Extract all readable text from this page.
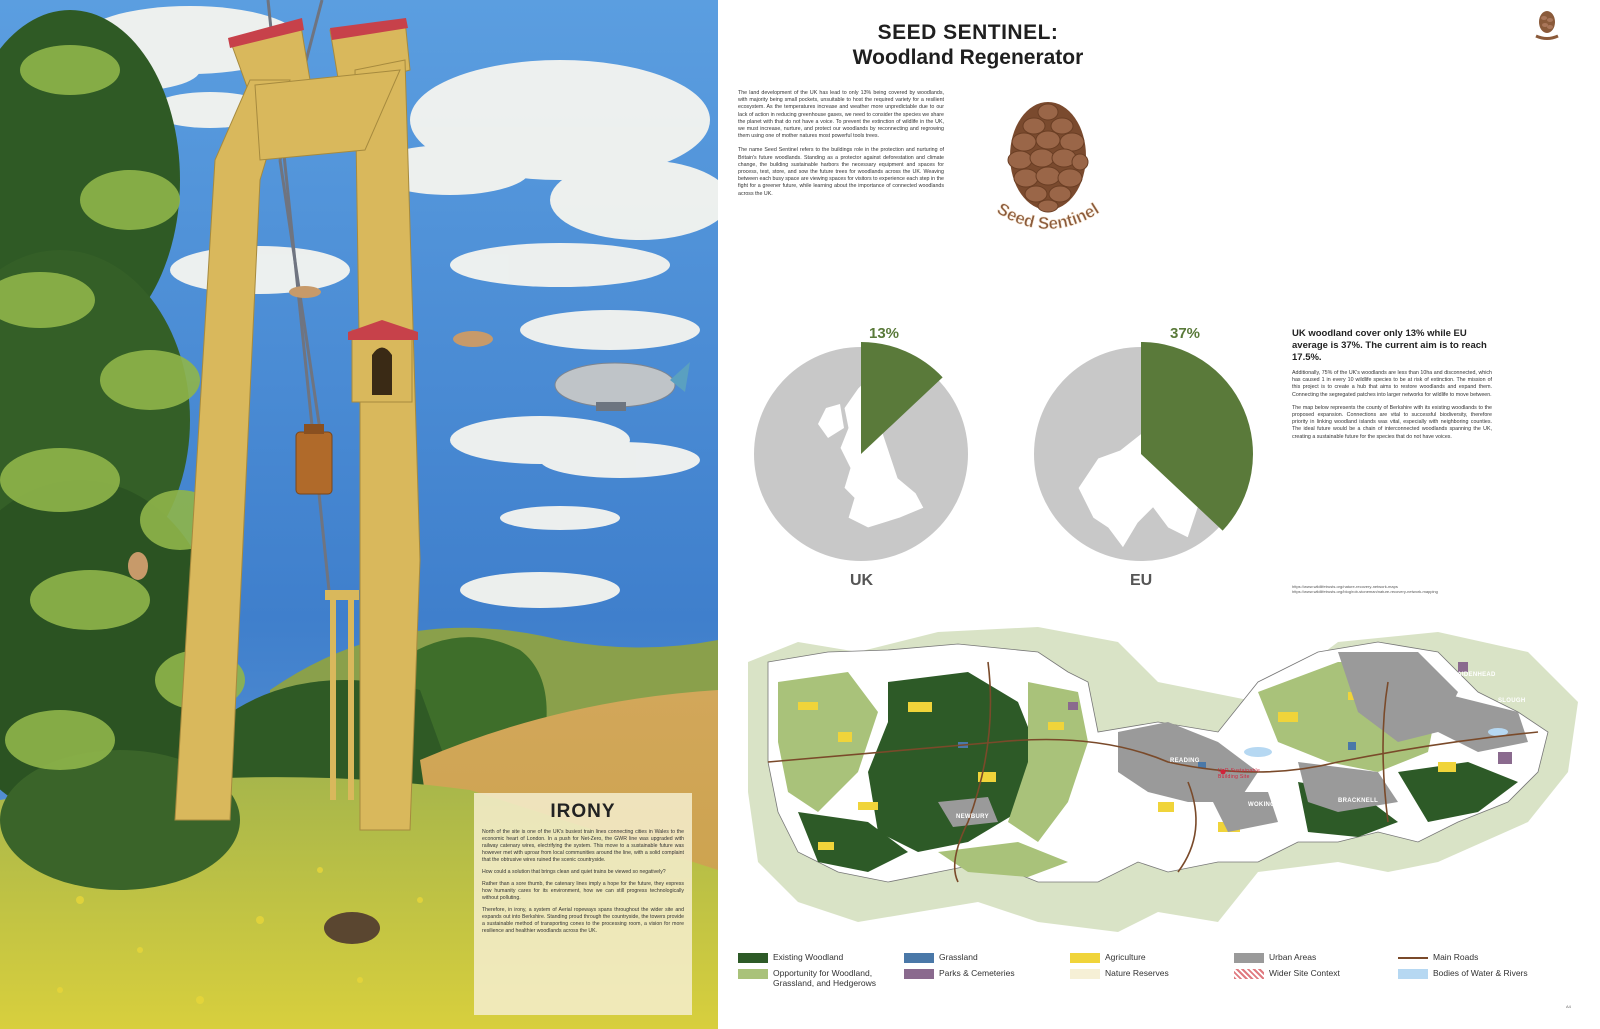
IRONY

North of the site is one of the UK's busiest train lines connecting cities in Wales to the economic heart of London. In a push for Net-Zero, the GWR line was upgraded with railway catenary wires, electrifying the system. This move to a sustainable future was however met with uproar from local communities around the line, with a solid complaint that the obtrusive wires ruined the scenic countryside.

How could a solution that brings clean and quiet trains be viewed so negatively?

Rather than a sore thumb, the catenary lines imply a hope for the future, they express how humanity cares for its environment, how we can still progress technologically without polluting.

Therefore, in irony, a system of Aerial ropeways spans throughout the wider site and expands out into Berkshire. Standing proud through the countryside, the towers provide a sustainable method of transporting cones to the processing room, a vision for more resilience and healthier woodlands across the UK.

SEED SENTINEL:
Woodland Regenerator

The land development of the UK has lead to only 13% being covered by woodlands, with majority being small pockets, unsuitable to host the required variety for a resilient ecosystem. As the temperatures increase and weather more unpredictable due to our lack of action in reducing greenhouse gases, we need to consider the species we share the planet with that do not have a voice. To prevent the extinction of wildlife in the UK, we must increase, nurture, and protect our woodlands by reconnecting and regrowing them using one of mother natures most powerful tools trees.

The name Seed Sentinel refers to the buildings role in the protection and nurturing of Britain's future woodlands. Standing as a protector against deforestation and climate change, the building sustainable harbors the necessary equipment and spaces for process, test, store, and sow the future trees for woodlands across the UK. Weaving between each busy space are viewing spaces for visitors to experience each step in the fight for a greener future, while learning about the importance of connected woodlands across the UK.

Seed Sentinel
13%	37%
UK	EU
UK woodland cover only 13% while EU average is 37%. The current aim is to reach 17.5%.

Additionally, 75% of the UK's woodlands are less than 10ha and disconnected, which has caused 1 in every 10 wildlife species to be at risk of extinction. The mission of this project is to create a hub that aims to restore woodlands and expand them. Connecting the segregated patches into larger networks for wildlife to move between.

The map below represents the county of Berkshire with its existing woodlands to the proposed expansion. Connections are vital to successful biodiversity, therefore priority in linking woodland islands was vital, especially with neighboring counties. The ideal future would be a chain of interconnected woodlands spanning the UK, creating a sustainable future for the species that do not have voices.

https://www.wildlifetrusts.org/nature-recovery-network-maps
https://www.wildlifetrusts.org/blog/rob-stoneman/nature-recovery-network-mapping
MAIDENHEAD
SLOUGH
READING
UoR Sustainable Building Site
WOKINGHAM
BRACKNELL
NEWBURY
Existing Woodland
Opportunity for Woodland, Grassland, and Hedgerows
Grassland
Parks & Cemeteries
Agriculture
Nature Reserves
Urban Areas
Wider Site Context
Main Roads
Bodies of Water & Rivers
A4
